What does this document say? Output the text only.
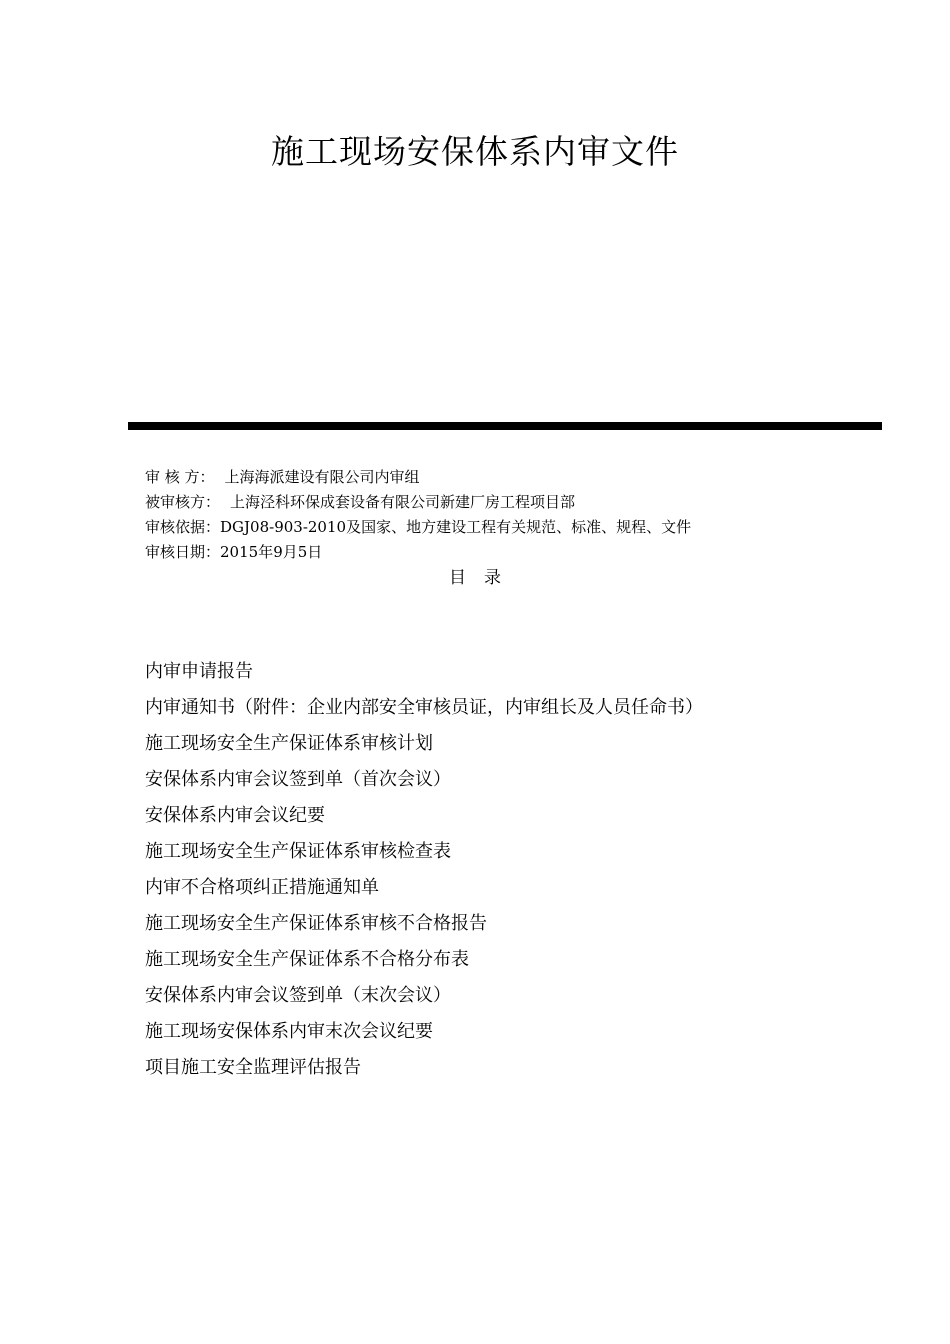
施工现场安保体系内审文件
审 核 方： 上海海派建设有限公司内审组
被审核方： 上海泾科环保成套设备有限公司新建厂房工程项目部
审核依据：DGJ08-903-2010及国家、地方建设工程有关规范、标准、规程、文件
审核日期：2015年9月5日
目录
内审申请报告
内审通知书（附件：企业内部安全审核员证，内审组长及人员任命书）
施工现场安全生产保证体系审核计划
安保体系内审会议签到单（首次会议）
安保体系内审会议纪要
施工现场安全生产保证体系审核检查表
内审不合格项纠正措施通知单
施工现场安全生产保证体系审核不合格报告
施工现场安全生产保证体系不合格分布表
安保体系内审会议签到单（末次会议）
施工现场安保体系内审末次会议纪要
项目施工安全监理评估报告
